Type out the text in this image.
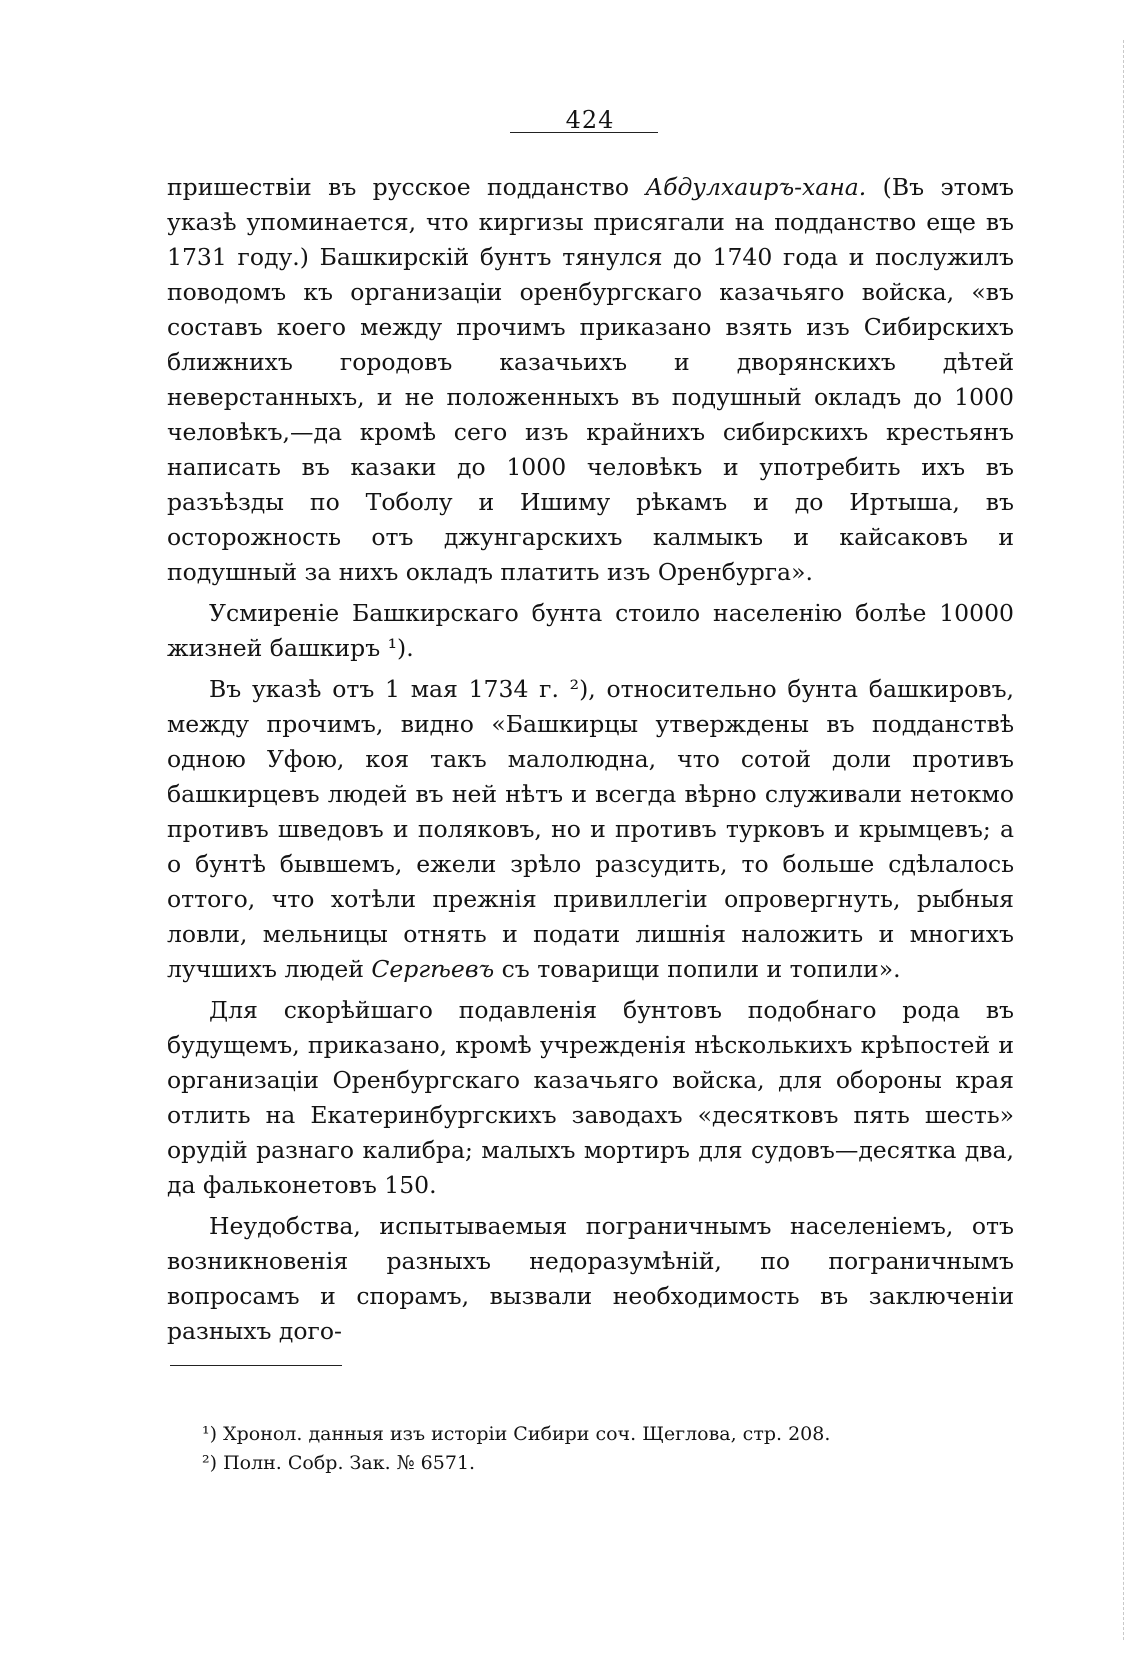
424

пришествіи въ русское подданство Абдулхаиръ-хана. (Въ этомъ указѣ упоминается, что киргизы присягали на подданство еще въ 1731 году.) Башкирскій бунтъ тянулся до 1740 года и послужилъ поводомъ къ организаціи оренбургскаго казачьяго войска, «въ составъ коего между прочимъ приказано взять изъ Сибирскихъ ближнихъ городовъ казачьихъ и дворянскихъ дѣтей неверстанныхъ, и не положенныхъ въ подушный окладъ до 1000 человѣкъ,—да кромѣ сего изъ крайнихъ сибирскихъ крестьянъ написать въ казаки до 1000 человѣкъ и употребить ихъ въ разъѣзды по Тоболу и Ишиму рѣкамъ и до Иртыша, въ осторожность отъ джунгарскихъ калмыкъ и кайсаковъ и подушный за нихъ окладъ платить изъ Оренбурга».

Усмиреніе Башкирскаго бунта стоило населенію болѣе 10000 жизней башкиръ ¹).

Въ указѣ отъ 1 мая 1734 г. ²), относительно бунта башкировъ, между прочимъ, видно «Башкирцы утверждены въ подданствѣ одною Уфою, коя такъ малолюдна, что сотой доли противъ башкирцевъ людей въ ней нѣтъ и всегда вѣрно служивали нетокмо противъ шведовъ и поляковъ, но и противъ турковъ и крымцевъ; а о бунтѣ бывшемъ, ежели зрѣло разсудить, то больше сдѣлалось оттого, что хотѣли прежнія привиллегіи опровергнуть, рыбныя ловли, мельницы отнять и подати лишнія наложить и многихъ лучшихъ людей Сергѣевъ съ товарищи попили и топили».

Для скорѣйшаго подавленія бунтовъ подобнаго рода въ будущемъ, приказано, кромѣ учрежденія нѣсколькихъ крѣпостей и организаціи Оренбургскаго казачьяго войска, для обороны края отлить на Екатеринбургскихъ заводахъ «десятковъ пять шесть» орудій разнаго калибра; малыхъ мортиръ для судовъ—десятка два, да фальконетовъ 150.

Неудобства, испытываемыя пограничнымъ населеніемъ, отъ возникновенія разныхъ недоразумѣній, по пограничнымъ вопросамъ и спорамъ, вызвали необходимость въ заключеніи разныхъ дого-

¹) Хронол. данныя изъ исторіи Сибири соч. Щеглова, стр. 208.

²) Полн. Собр. Зак. № 6571.
